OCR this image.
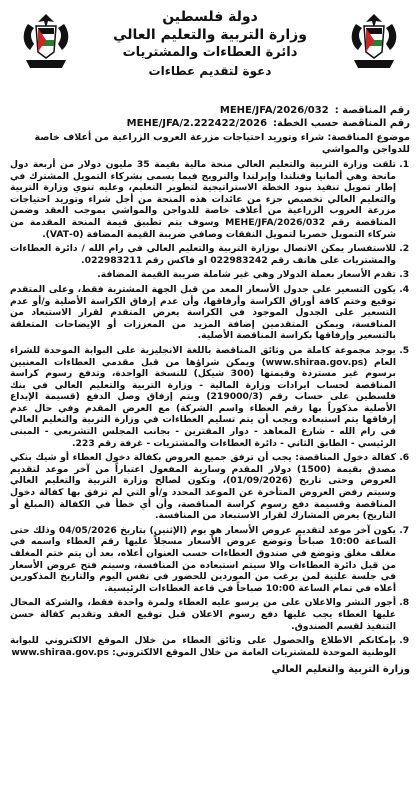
دولة فلسطين
وزارة التربية والتعليم العالي
دائرة العطاءات والمشتريات
دعوة لتقديم عطاءات
رقم المناقصة :
MEHE/JFA/2026/032
رقم المناقصة حسب الخطة:
MEHE/JFA/2.222422/2026
موضوع المناقصة: شراء وتوريد احتياجات مزرعة العروب الزراعية من أعلاف خاصة للدواجن والمواشي
1. تلقت وزارة التربية والتعليم العالي منحة مالية بقيمة 35 مليون دولار من أربعة دول مانحة وهي ألمانيا وفنلندا وإيرلندا والنرويج فيما يسمى بشركاء التمويل المشترك في إطار تمويل تنفيذ بنود الخطة الاستراتيجية لتطوير التعليم، وعليه تنوي وزارة التربية والتعليم العالي تخصيص جزء من عائدات هذه المنحة من أجل شراء وتوريد احتياجات مزرعة العروب الزراعية من أعلاف خاصة للدواجن والمواشي بموجب العقد وضمن المناقصة رقم MEHE/JFA/2026/032 وسوف يتم تطبيق قيمة المنحة المقدمة من شركاء التمويل حصريا لتمويل النفقات وصافي ضريبة القيمة المضافة (0-VAT).
2. للاستفسار يمكن الاتصال بوزارة التربية والتعليم العالي في رام الله / دائرة العطاءات والمشتريات على هاتف رقم 022983242 او فاكس رقم 022983211.
3. تقدم الأسعار بعملة الدولار وهي غير شاملة ضريبة القيمة المضافة.
4. يكون التسعير على جدول الأسعار المعد من قبل الجهة المشترية فقط، وعلى المتقدم توقيع وختم كافة أوراق الكراسة وأرفاقها، وأن عدم إرفاق الكراسة الأصلية و/أو عدم التسعير على الجدول الموجود في الكراسة يعرض المتقدم لقرار الاستبعاد من المنافسة، ويمكن المتقدمين إضافة المزيد من المعززات أو الإيضاحات المتعلقة بالتسعير وإرفاقها بكراسة المناقصة الأصلية.
5. يوجد مجموعة كاملة من وثائق المناقصة باللغة الانجليزية على البوابة الموحدة للشراء العام (www.shiraa.gov.ps) ويمكن شراؤها من قبل مقدمي العطاءات المعنيين برسوم غير مستردة وقيمتها (300 شيكل) للنسخة الواحدة، وتدفع رسوم كراسة المناقصة لحساب ايرادات وزارة المالية - وزارة التربية والتعليم العالي في بنك فلسطين على حساب رقم (219000/3) ويتم إرفاق وصل الدفع (قسيمة الإيداع الأصلية مذكوراً بها رقم العطاء واسم الشركة) مع العرض المقدم وفي حال عدم إرفاقها يتم استبعاده ويجب أن يتم تسليم العطاءات في وزارة التربية والتعليم العالي في رام الله - شارع المعاهد - دوار المقترين - بجانب المجلس التشريعي - المبنى الرئيسي - الطابق الثاني - دائرة العطاءات والمشتريات - غرفة رقم 223.
6. كفالة دخول المناقصة: يجب أن ترفق جميع العروض بكفالة دخول العطاء أو شيك بنكي مصدق بقيمة (1500) دولار المقدم وسارية المفعول اعتباراً من آخر موعد لتقديم العروض وحتى تاريخ (01/09/2026)، وتكون لصالح وزارة التربية والتعليم العالي وسيتم رفض العروض المتأخرة عن الموعد المحدد و/أو التي لم ترفق بها كفالة دخول المناقصة وقسيمة دفع رسوم كراسة المناقصة، وأن أي خطأ في الكفالة (المبلغ أو التاريخ) يعرض المشارك لقرار الاستبعاد من المنافسة.
7. يكون آخر موعد لتقديم عروض الأسعار هو يوم (الإثنين) بتاريخ 04/05/2026 وذلك حتى الساعة 10:00 صباحاً وتوضع عروض الأسعار مسجلاً عليها رقم العطاء واسمه في مغلف مغلق وتوضع في صندوق العطاءات حسب العنوان أعلاه، بعد أن يتم ختم المغلف من قبل دائرة العطاءات والا سيتم استبعاده من المنافسة، وسيتم فتح عروض الأسعار في جلسة علنية لمن يرغب من الموردين للحضور في نفس اليوم والتاريخ المذكورين أعلاه في تمام الساعة 10:00 صباحاً في قاعة العطاءات الرئيسية.
8. أجور النشر والاعلان على من يرسو عليه العطاء ولمرة واحدة فقط، والشركة المحال عليها العطاء يجب عليها دفع رسوم الاعلان قبل توقيع العقد وتقديم كفالة حسن التنفيذ لقسم الصندوق.
9. بإمكانكم الاطلاع والحصول على وثائق العطاء من خلال الموقع الالكتروني للبوابة الوطنية الموحدة للمشتريات العامة من خلال الموقع الالكتروني: www.shiraa.gov.ps
وزارة التربية والتعليم العالي
